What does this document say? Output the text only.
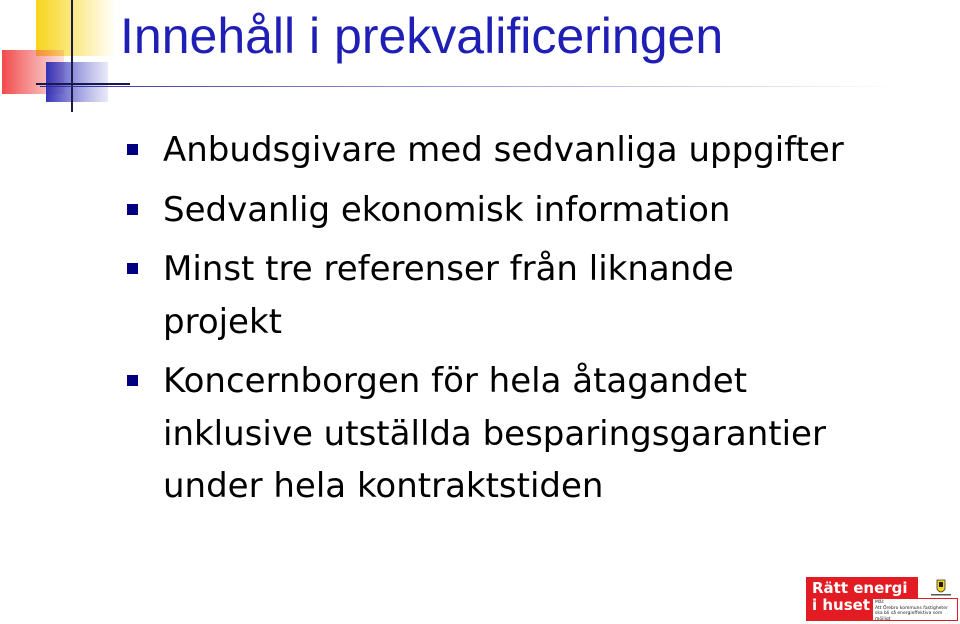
Innehåll i prekvalificeringen
Anbudsgivare med sedvanliga uppgifter
Sedvanlig ekonomisk information
Minst tre referenser från liknande
projekt
Koncernborgen för hela åtagandet
inklusive utställda besparingsgarantier
under hela kontraktstiden
Rätt energi
i huset	Mål:
Att Örebro kommuns fastigheter
ska bli så energieffektiva som möjligt
